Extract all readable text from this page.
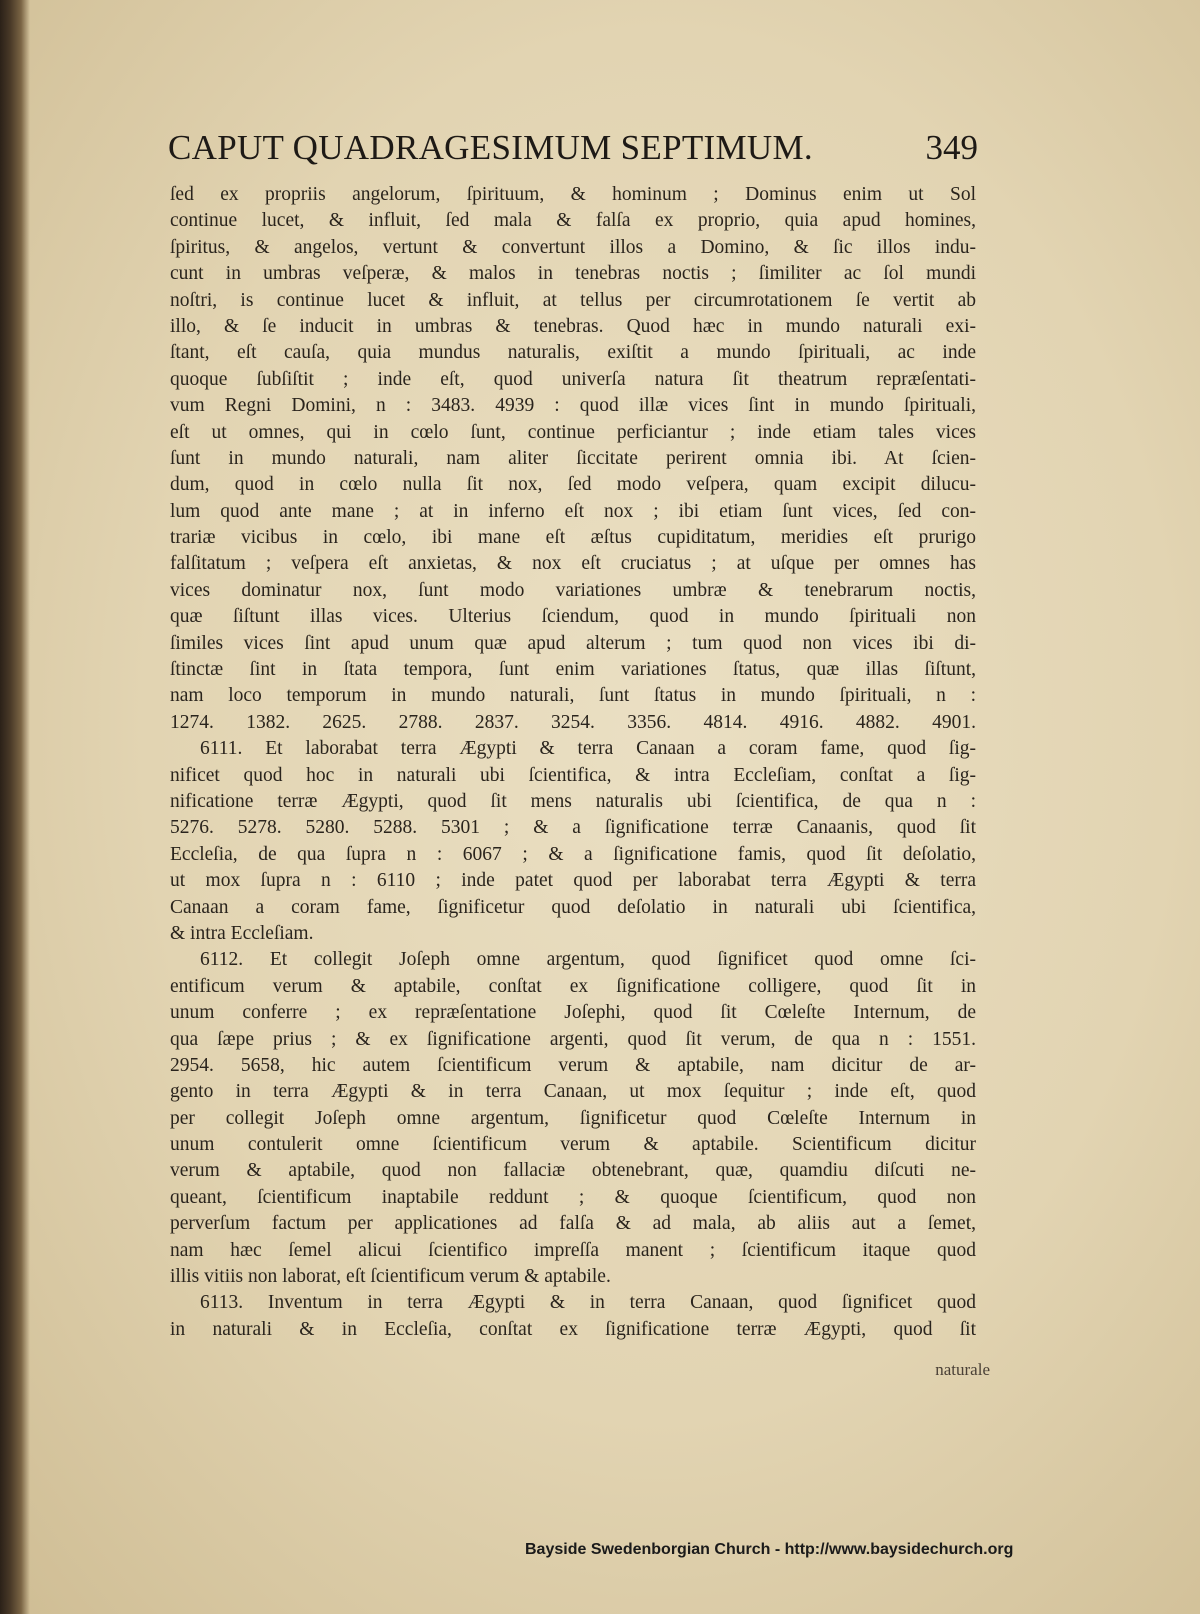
CAPUT QUADRAGESIMUM SEPTIMUM.	349
ſed ex propriis angelorum, ſpirituum, & hominum ; Dominus enim ut Sol
continue lucet, & influit, ſed mala & falſa ex proprio, quia apud homines,
ſpiritus, & angelos, vertunt & convertunt illos a Domino, & ſic illos indu-
cunt in umbras veſperæ, & malos in tenebras noctis ; ſimiliter ac ſol mundi
noſtri, is continue lucet & influit, at tellus per circumrotationem ſe vertit ab
illo, & ſe inducit in umbras & tenebras. Quod hæc in mundo naturali exi-
ſtant, eſt cauſa, quia mundus naturalis, exiſtit a mundo ſpirituali, ac inde
quoque ſubſiſtit ; inde eſt, quod univerſa natura ſit theatrum repræſentati-
vum Regni Domini, n : 3483. 4939 : quod illæ vices ſint in mundo ſpirituali,
eſt ut omnes, qui in cœlo ſunt, continue perficiantur ; inde etiam tales vices
ſunt in mundo naturali, nam aliter ſiccitate perirent omnia ibi. At ſcien-
dum, quod in cœlo nulla ſit nox, ſed modo veſpera, quam excipit dilucu-
lum quod ante mane ; at in inferno eſt nox ; ibi etiam ſunt vices, ſed con-
trariæ vicibus in cœlo, ibi mane eſt æſtus cupiditatum, meridies eſt prurigo
falſitatum ; veſpera eſt anxietas, & nox eſt cruciatus ; at uſque per omnes has
vices dominatur nox, ſunt modo variationes umbræ & tenebrarum noctis,
quæ ſiſtunt illas vices. Ulterius ſciendum, quod in mundo ſpirituali non
ſimiles vices ſint apud unum quæ apud alterum ; tum quod non vices ibi di-
ſtinctæ ſint in ſtata tempora, ſunt enim variationes ſtatus, quæ illas ſiſtunt,
nam loco temporum in mundo naturali, ſunt ſtatus in mundo ſpirituali, n :
1274. 1382. 2625. 2788. 2837. 3254. 3356. 4814. 4916. 4882. 4901.
6111. Et laborabat terra Ægypti & terra Canaan a coram fame, quod ſig-
nificet quod hoc in naturali ubi ſcientifica, & intra Eccleſiam, conſtat a ſig-
nificatione terræ Ægypti, quod ſit mens naturalis ubi ſcientifica, de qua n :
5276. 5278. 5280. 5288. 5301 ; & a ſignificatione terræ Canaanis, quod ſit
Eccleſia, de qua ſupra n : 6067 ; & a ſignificatione famis, quod ſit deſolatio,
ut mox ſupra n : 6110 ; inde patet quod per laborabat terra Ægypti & terra
Canaan a coram fame, ſignificetur quod deſolatio in naturali ubi ſcientifica,
& intra Eccleſiam.
6112. Et collegit Joſeph omne argentum, quod ſignificet quod omne ſci-
entificum verum & aptabile, conſtat ex ſignificatione colligere, quod ſit in
unum conferre ; ex repræſentatione Joſephi, quod ſit Cœleſte Internum, de
qua ſæpe prius ; & ex ſignificatione argenti, quod ſit verum, de qua n : 1551.
2954. 5658, hic autem ſcientificum verum & aptabile, nam dicitur de ar-
gento in terra Ægypti & in terra Canaan, ut mox ſequitur ; inde eſt, quod
per collegit Joſeph omne argentum, ſignificetur quod Cœleſte Internum in
unum contulerit omne ſcientificum verum & aptabile. Scientificum dicitur
verum & aptabile, quod non fallaciæ obtenebrant, quæ, quamdiu diſcuti ne-
queant, ſcientificum inaptabile reddunt ; & quoque ſcientificum, quod non
perverſum factum per applicationes ad falſa & ad mala, ab aliis aut a ſemet,
nam hæc ſemel alicui ſcientifico impreſſa manent ; ſcientificum itaque quod
illis vitiis non laborat, eſt ſcientificum verum & aptabile.
6113. Inventum in terra Ægypti & in terra Canaan, quod ſignificet quod
in naturali & in Eccleſia, conſtat ex ſignificatione terræ Ægypti, quod ſit
naturale
Bayside Swedenborgian Church - http://www.baysidechurch.org
